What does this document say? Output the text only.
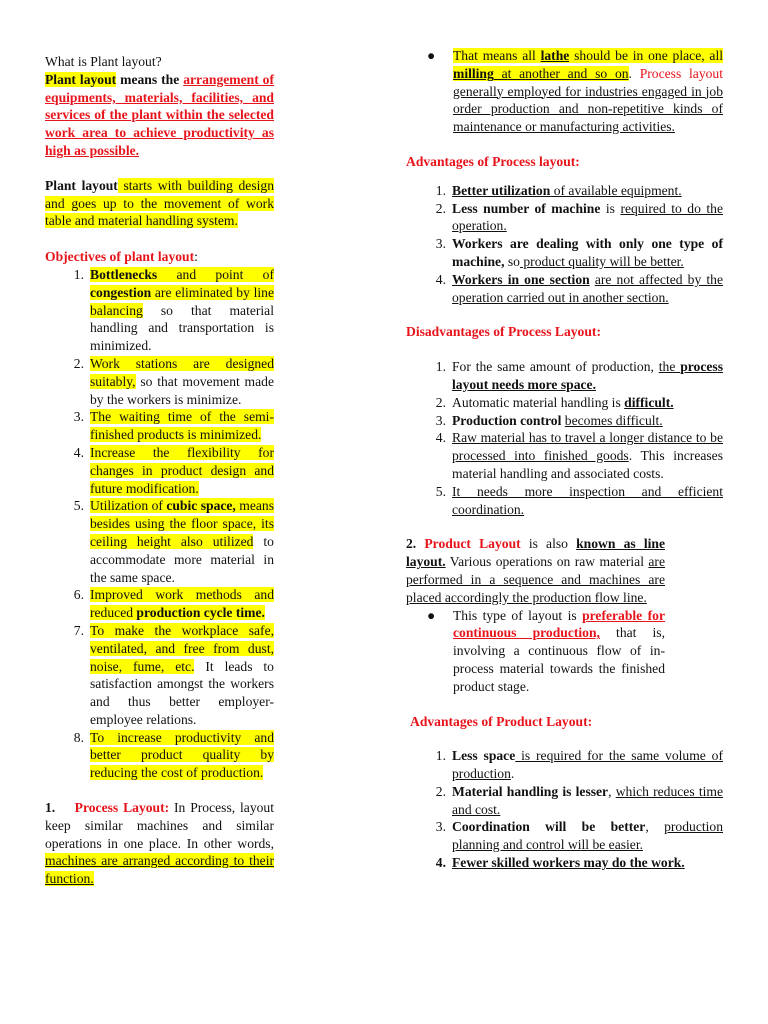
What is Plant layout?

Plant layout means the arrangement of equipments, materials, facilities, and services of the plant within the selected work area to achieve productivity as high as possible.

Plant layout starts with building design and goes up to the movement of work table and material handling system.

Objectives of plant layout:

1. Bottlenecks and point of congestion are eliminated by line balancing so that material handling and transportation is minimized.
2. Work stations are designed suitably, so that movement made by the workers is minimize.
3. The waiting time of the semi-finished products is minimized.
4. Increase the flexibility for changes in product design and future modification.
5. Utilization of cubic space, means besides using the floor space, its ceiling height also utilized to accommodate more material in the same space.
6. Improved work methods and reduced production cycle time.
7. To make the workplace safe, ventilated, and free from dust, noise, fume, etc. It leads to satisfaction amongst the workers and thus better employer-employee relations.
8. To increase productivity and better product quality by reducing the cost of production.

1. Process Layout: In Process, layout keep similar machines and similar operations in one place. In other words, machines are arranged according to their function.

● That means all lathe should be in one place, all milling at another and so on. Process layout generally employed for industries engaged in job order production and non-repetitive kinds of maintenance or manufacturing activities.

Advantages of Process layout:

1. Better utilization of available equipment.
2. Less number of machine is required to do the operation.
3. Workers are dealing with only one type of machine, so product quality will be better.
4. Workers in one section are not affected by the operation carried out in another section.

Disadvantages of Process Layout:

1. For the same amount of production, the process layout needs more space.
2. Automatic material handling is difficult.
3. Production control becomes difficult.
4. Raw material has to travel a longer distance to be processed into finished goods. This increases material handling and associated costs.
5. It needs more inspection and efficient coordination.

2. Product Layout is also known as line layout. Various operations on raw material are performed in a sequence and machines are placed accordingly the production flow line.

● This type of layout is preferable for continuous production, that is, involving a continuous flow of in-process material towards the finished product stage.

Advantages of Product Layout:

1. Less space is required for the same volume of production.
2. Material handling is lesser, which reduces time and cost.
3. Coordination will be better, production planning and control will be easier.
4. Fewer skilled workers may do the work.
